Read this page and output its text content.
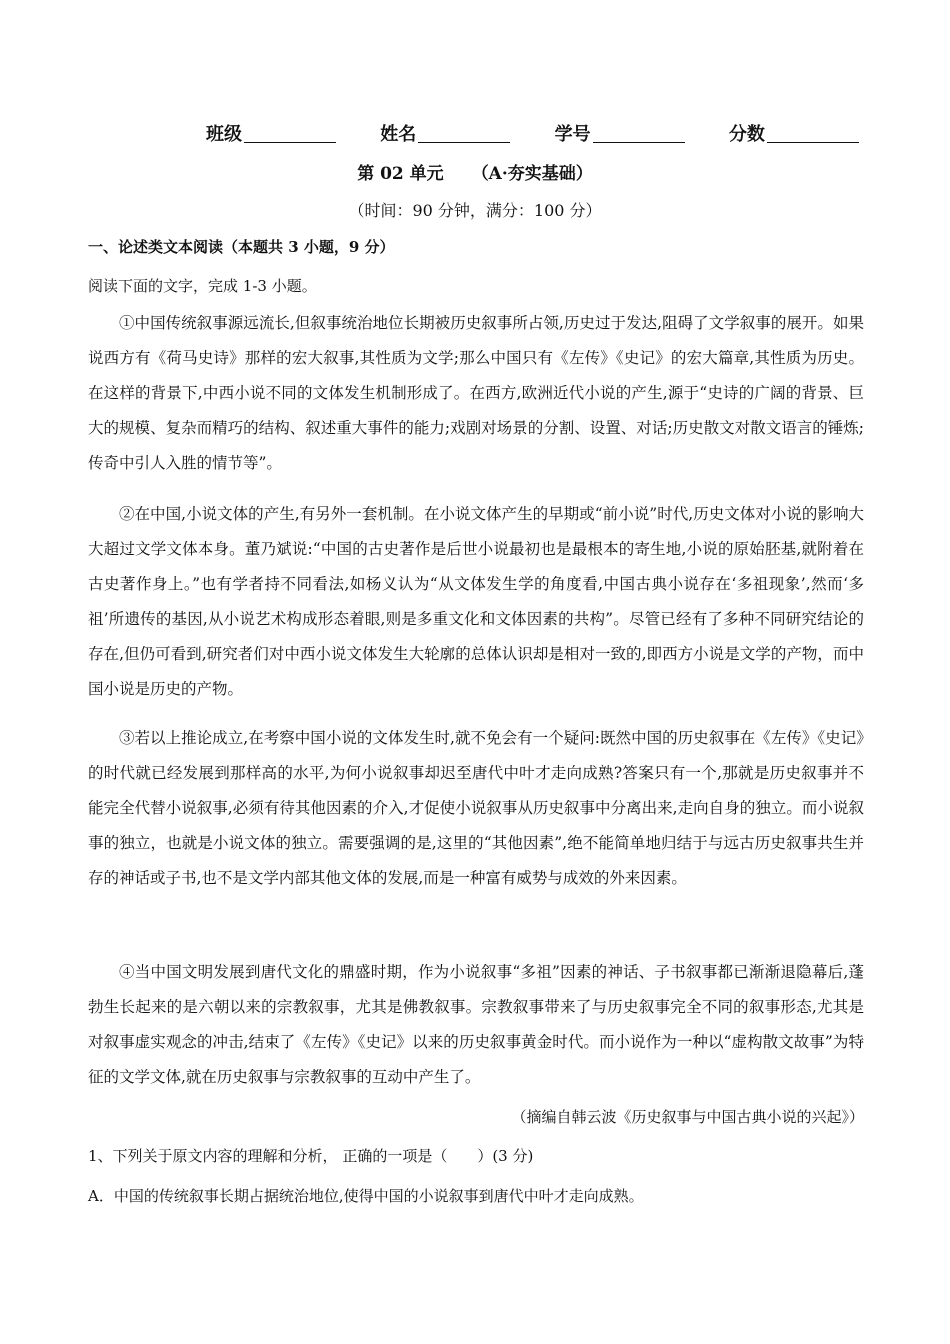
班级	姓名	学号	分数
第 02 单元 （A·夯实基础）
（时间：90 分钟，满分：100 分）
一、论述类文本阅读（本题共 3 小题，9 分）
阅读下面的文字，完成 1-3 小题。

①中国传统叙事源远流长,但叙事统治地位长期被历史叙事所占领,历史过于发达,阻碍了文学叙事的展开。如果说西方有《荷马史诗》那样的宏大叙事,其性质为文学;那么中国只有《左传》《史记》的宏大篇章,其性质为历史。在这样的背景下,中西小说不同的文体发生机制形成了。在西方,欧洲近代小说的产生,源于“史诗的广阔的背景、巨大的规模、复杂而精巧的结构、叙述重大事件的能力;戏剧对场景的分割、设置、对话;历史散文对散文语言的锤炼;传奇中引人入胜的情节等”。

②在中国,小说文体的产生,有另外一套机制。在小说文体产生的早期或“前小说”时代,历史文体对小说的影响大大超过文学文体本身。董乃斌说:“中国的古史著作是后世小说最初也是最根本的寄生地,小说的原始胚基,就附着在古史著作身上。”也有学者持不同看法,如杨义认为“从文体发生学的角度看,中国古典小说存在‘多祖现象’,然而‘多祖’所遗传的基因,从小说艺术构成形态着眼,则是多重文化和文体因素的共构”。尽管已经有了多种不同研究结论的存在,但仍可看到,研究者们对中西小说文体发生大轮廓的总体认识却是相对一致的,即西方小说是文学的产物，而中国小说是历史的产物。

③若以上推论成立,在考察中国小说的文体发生时,就不免会有一个疑问:既然中国的历史叙事在《左传》《史记》的时代就已经发展到那样高的水平,为何小说叙事却迟至唐代中叶才走向成熟?答案只有一个,那就是历史叙事并不能完全代替小说叙事,必须有待其他因素的介入,才促使小说叙事从历史叙事中分离出来,走向自身的独立。而小说叙事的独立，也就是小说文体的独立。需要强调的是,这里的“其他因素”,绝不能简单地归结于与远古历史叙事共生并存的神话或子书,也不是文学内部其他文体的发展,而是一种富有威势与成效的外来因素。

④当中国文明发展到唐代文化的鼎盛时期，作为小说叙事“多祖”因素的神话、子书叙事都已渐渐退隐幕后,蓬勃生长起来的是六朝以来的宗教叙事，尤其是佛教叙事。宗教叙事带来了与历史叙事完全不同的叙事形态,尤其是对叙事虚实观念的冲击,结束了《左传》《史记》以来的历史叙事黄金时代。而小说作为一种以“虚构散文故事”为特征的文学文体,就在历史叙事与宗教叙事的互动中产生了。

（摘编自韩云波《历史叙事与中国古典小说的兴起》）
1、下列关于原文内容的理解和分析， 正确的一项是（　　）(3 分)
A．中国的传统叙事长期占据统治地位,使得中国的小说叙事到唐代中叶才走向成熟。
